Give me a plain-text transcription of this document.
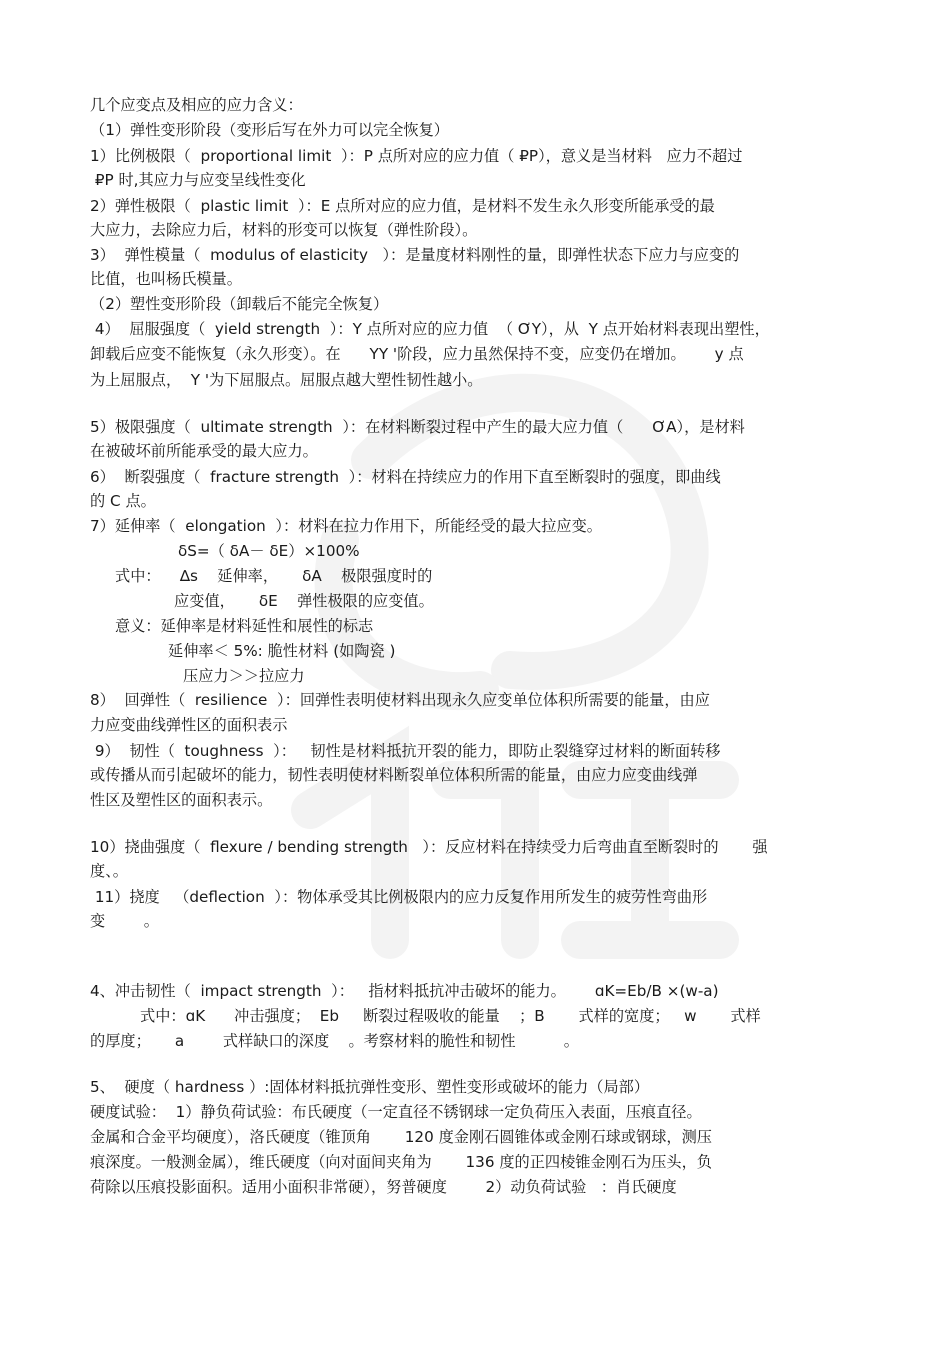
几个应变点及相应的应力含义：

（1）弹性变形阶段（变形后写在外力可以完全恢复）

1）比例极限（  proportional limit  ）：P 点所对应的应力值（ ₽P），意义是当材料   应力不超过

₽P 时,其应力与应变呈线性变化

2）弹性极限（  plastic limit  ）：E 点所对应的应力值，是材料不发生永久形变所能承受的最

大应力，去除应力后，材料的形变可以恢复（弹性阶段）。

3）  弹性模量（  modulus of elasticity   ）：是量度材料刚性的量，即弹性状态下应力与应变的

比值，也叫杨氏模量。

（2）塑性变形阶段（卸载后不能完全恢复）

4）  屈服强度（  yield strength  ）：Y 点所对应的应力值  （ ƠY），从  Y 点开始材料表现出塑性，

卸载后应变不能恢复（永久形变）。在      YY '阶段，应力虽然保持不变，应变仍在增加。      y 点

为上屈服点，  Y '为下屈服点。屈服点越大塑性韧性越小。

5）极限强度（  ultimate strength  ）：在材料断裂过程中产生的最大应力值（      ƠA），是材料

在被破坏前所能承受的最大应力。

6）  断裂强度（  fracture strength  ）：材料在持续应力的作用下直至断裂时的强度，即曲线

的 C 点。

7）延伸率（  elongation  ）：材料在拉力作用下，所能经受的最大拉应变。

δS=（ δA－ δE）×100%

式中：    ∆s    延伸率，     δA    极限强度时的

应变值，     δE    弹性极限的应变值。

意义：延伸率是材料延性和展性的标志

延伸率＜ 5%: 脆性材料 (如陶瓷 )

压应力＞＞拉应力

8）  回弹性（  resilience  ）：回弹性表明使材料出现永久应变单位体积所需要的能量，由应

力应变曲线弹性区的面积表示

9）  韧性（  toughness  ）：   韧性是材料抵抗开裂的能力，即防止裂缝穿过材料的断面转移

或传播从而引起破坏的能力，韧性表明使材料断裂单位体积所需的能量，由应力应变曲线弹

性区及塑性区的面积表示。

10）挠曲强度（  flexure / bending strength   ）：反应材料在持续受力后弯曲直至断裂时的       强

度、。

11）挠度   （deflection  ）：物体承受其比例极限内的应力反复作用所发生的疲劳性弯曲形

变        。

4、冲击韧性（  impact strength  ）：   指材料抵抗冲击破坏的能力。      ɑK=Eb/B ×(w-a)

式中：ɑK      冲击强度；  Eb     断裂过程吸收的能量    ；B       式样的宽度；   w       式样

的厚度；     a        式样缺口的深度    。考察材料的脆性和韧性          。

5、  硬度（ hardness ）:固体材料抵抗弹性变形、塑性变形或破坏的能力（局部）

硬度试验：  1）静负荷试验：布氏硬度（一定直径不锈钢球一定负荷压入表面，压痕直径。

金属和合金平均硬度），洛氏硬度（锥顶角       120 度金刚石圆锥体或金刚石球或钢球，测压

痕深度。一般测金属），维氏硬度（向对面间夹角为       136 度的正四棱锥金刚石为压头，负

荷除以压痕投影面积。适用小面积非常硬），努普硬度        2）动负荷试验   ：肖氏硬度
